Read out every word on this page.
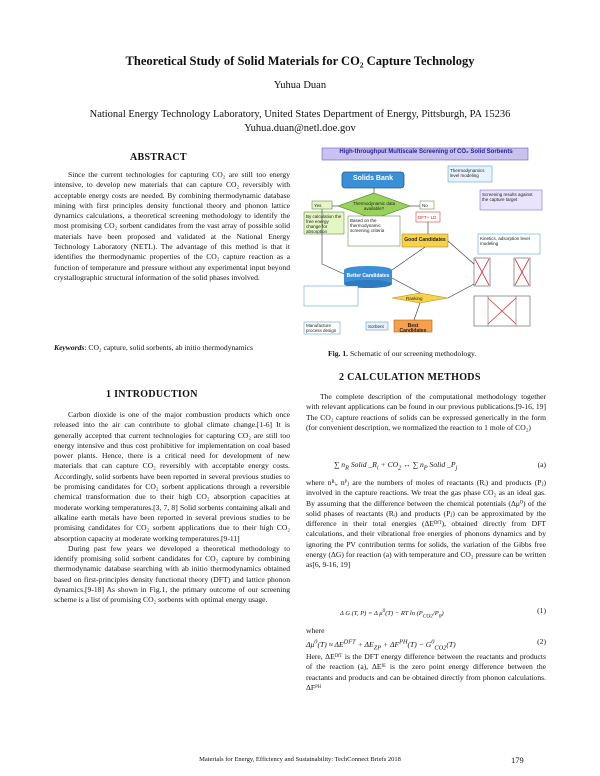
Theoretical Study of Solid Materials for CO₂ Capture Technology
Yuhua Duan
National Energy Technology Laboratory, United States Department of Energy, Pittsburgh, PA 15236
Yuhua.duan@netl.doe.gov
ABSTRACT

Since the current technologies for capturing CO₂ are still too energy intensive, to develop new materials that can capture CO₂ reversibly with acceptable energy costs are needed. By combining thermodynamic database mining with first principles density functional theory and phonon lattice dynamics calculations, a theoretical screening methodology to identify the most promising CO₂ sorbent candidates from the vast array of possible solid materials have been proposed and validated at the National Energy Technology Laboratory (NETL). The advantage of this method is that it identifies the thermodynamic properties of the CO₂ capture reaction as a function of temperature and pressure without any experimental input beyond crystallographic structural information of the solid phases involved.

Keywords: CO₂ capture, solid sorbents, ab initio thermodynamics
1 INTRODUCTION

Carbon dioxide is one of the major combustion products which once released into the air can contribute to global climate change.[1-6] It is generally accepted that current technologies for capturing CO₂ are still too energy intensive and thus cost prohibitive for implementation on coal based power plants. Hence, there is a critical need for development of new materials that can capture CO₂ reversibly with acceptable energy costs. Accordingly, solid sorbents have been reported in several previous studies to be promising candidates for CO₂ sorbent applications through a reversible chemical transformation due to their high CO₂ absorption capacities at moderate working temperatures.[3, 7, 8] Solid sorbents containing alkali and alkaline earth metals have been reported in several previous studies to be promising candidates for CO₂ sorbent applications due to their high CO₂ absorption capacity at moderate working temperatures.[9-11]

During past few years we developed a theoretical methodology to identify promising solid sorbent candidates for CO₂ capture by combining thermodynamic database searching with ab initio thermodynamics obtained based on first-principles density functional theory (DFT) and lattice phonon dynamics.[9-18] As shown in Fig.1, the primary outcome of our screening scheme is a list of promising CO₂ sorbents with optimal energy usage.

High-throughput Multiscale Screening of CO₂ Solid Sorbents
Solids Bank
Thermodynamic data available?
Yes	No
DFT+ LD
Good Candidates
Better Candidates
Ranking
Best Candidates
Sorbent
Thermodynamics level modeling
Screening results against the capture target
By calculation the free energy change for absorption
Based on the thermodynamic screening criteria
Kinetics, adsorption level modeling
Manufacture process design
Fig. 1. Schematic of our screening methodology.
2 CALCULATION METHODS

The complete description of the computational methodology together with relevant applications can be found in our previous publications.[9-16, 19] The CO₂ capture reactions of solids can be expressed generically in the form (for convenient description, we normalized the reaction to 1 mole of CO₂)

∑ $n_R$ Solid $\_R_i + CO_2$ ↔ ∑ $n_P$ Solid $\_P_j$	(a)

where nᴿᵢ, nᴾⱼ are the numbers of moles of reactants (Rᵢ) and products (Pⱼ) involved in the capture reactions. We treat the gas phase CO₂ as an ideal gas. By assuming that the difference between the chemical potentials (Δμ⁰) of the solid phases of reactants (Rᵢ) and products (Pⱼ) can be approximated by the difference in their total energies (ΔEᴰᶠᵀ), obtained directly from DFT calculations, and their vibrational free energies of phonons dynamics and by ignoring the PV contribution terms for solids, the variation of the Gibbs free energy (ΔG) for reaction (a) with temperature and CO₂ pressure can be written as[6, 9-16, 19]

Δ G (T, P) = Δ $\mu^0(T)$ − RT $\ln (P_{CO2}/P_0)$	(1)
where
$\Delta\mu^0(T) \approx \Delta E^{DFT} + \Delta E_{ZP} + \Delta F^{PH}(T) - G^0_{CO2}(T)$	(2)

Here, ΔEᴰᶠᵀ is the DFT energy difference between the reactants and products of the reaction (a), ΔEᶠᴱ is the zero point energy difference between the reactants and products and can be obtained directly from phonon calculations. ΔFᴾᴴ

Materials for Energy, Efficiency and Sustainability: TechConnect Briefs 2018	179
